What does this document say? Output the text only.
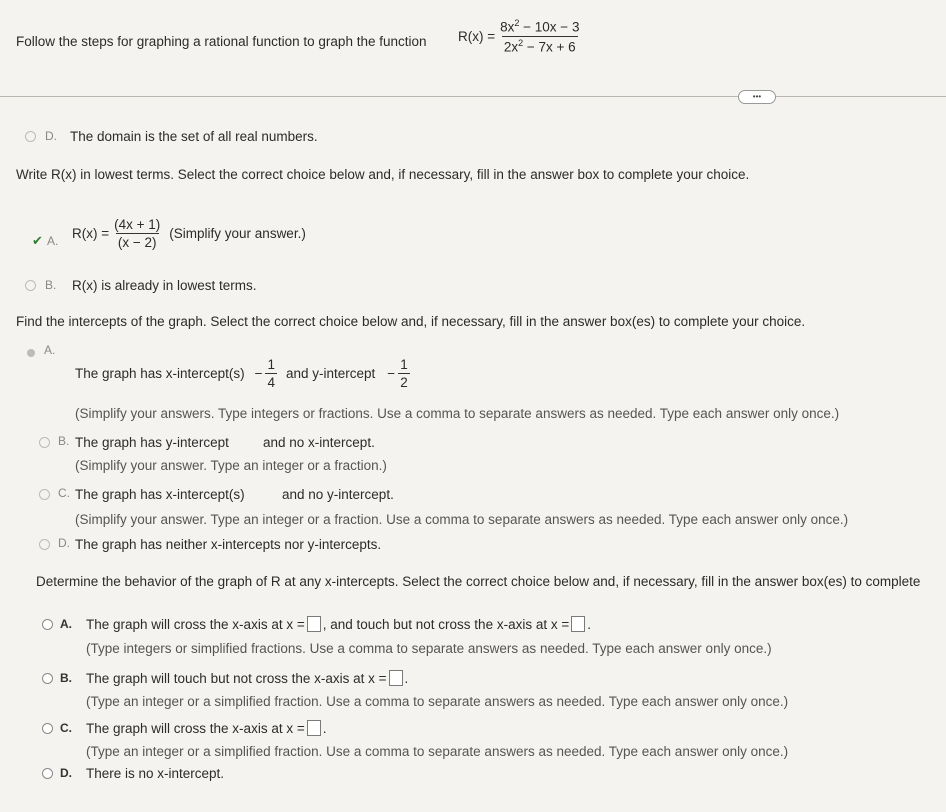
Follow the steps for graphing a rational function to graph the function $R(x) = \frac{8x^2 - 10x - 3}{2x^2 - 7x + 6}$
•••
D. The domain is the set of all real numbers.
Write R(x) in lowest terms. Select the correct choice below and, if necessary, fill in the answer box to complete your choice.
✔ A. $R(x) = \frac{(4x + 1)}{(x - 2)}$ (Simplify your answer.)
B. R(x) is already in lowest terms.
Find the intercepts of the graph. Select the correct choice below and, if necessary, fill in the answer box(es) to complete your choice.
A.
The graph has x-intercept(s) − $\frac{1}{4}$ and y-intercept − $\frac{1}{2}$
(Simplify your answers. Type integers or fractions. Use a comma to separate answers as needed. Type each answer only once.)
B. The graph has y-intercept	and no x-intercept.
(Simplify your answer. Type an integer or a fraction.)
C. The graph has x-intercept(s)	and no y-intercept.
(Simplify your answer. Type an integer or a fraction. Use a comma to separate answers as needed. Type each answer only once.)
D. The graph has neither x-intercepts nor y-intercepts.
Determine the behavior of the graph of R at any x-intercepts. Select the correct choice below and, if necessary, fill in the answer box(es) to complete
A. The graph will cross the x-axis at x = , and touch but not cross the x-axis at x = .
(Type integers or simplified fractions. Use a comma to separate answers as needed. Type each answer only once.)
B. The graph will touch but not cross the x-axis at x = .
(Type an integer or a simplified fraction. Use a comma to separate answers as needed. Type each answer only once.)
C. The graph will cross the x-axis at x = .
(Type an integer or a simplified fraction. Use a comma to separate answers as needed. Type each answer only once.)
D. There is no x-intercept.
